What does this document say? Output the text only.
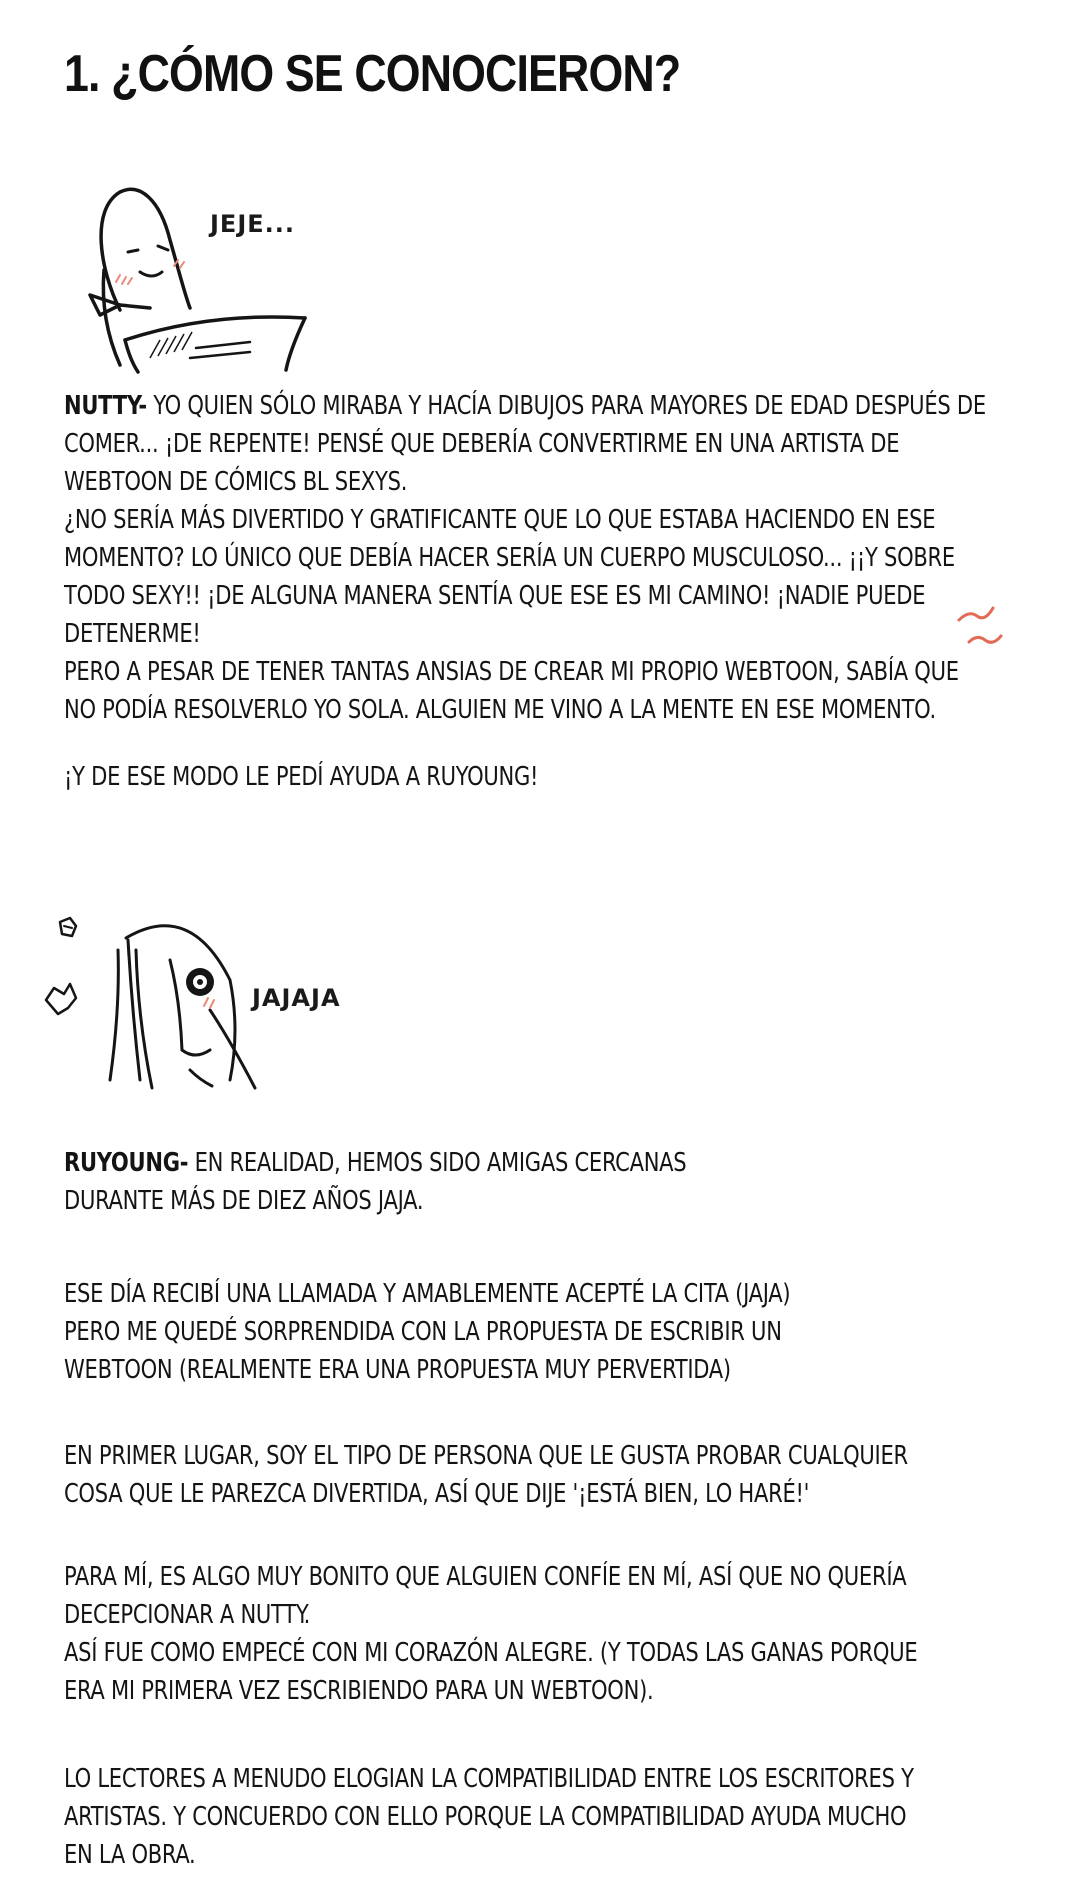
1. ¿CÓMO SE CONOCIERON?
JEJE...

NUTTY- YO QUIEN SÓLO MIRABA Y HACÍA DIBUJOS PARA MAYORES DE EDAD DESPUÉS DE

COMER... ¡DE REPENTE! PENSÉ QUE DEBERÍA CONVERTIRME EN UNA ARTISTA DE

WEBTOON DE CÓMICS BL SEXYS.

¿NO SERÍA MÁS DIVERTIDO Y GRATIFICANTE QUE LO QUE ESTABA HACIENDO EN ESE

MOMENTO? LO ÚNICO QUE DEBÍA HACER SERÍA UN CUERPO MUSCULOSO... ¡¡Y SOBRE

TODO SEXY!! ¡DE ALGUNA MANERA SENTÍA QUE ESE ES MI CAMINO! ¡NADIE PUEDE

DETENERME!

PERO A PESAR DE TENER TANTAS ANSIAS DE CREAR MI PROPIO WEBTOON, SABÍA QUE

NO PODÍA RESOLVERLO YO SOLA. ALGUIEN ME VINO A LA MENTE EN ESE MOMENTO.

¡Y DE ESE MODO LE PEDÍ AYUDA A RUYOUNG!

JAJAJA

RUYOUNG- EN REALIDAD, HEMOS SIDO AMIGAS CERCANAS

DURANTE MÁS DE DIEZ AÑOS JAJA.

ESE DÍA RECIBÍ UNA LLAMADA Y AMABLEMENTE ACEPTÉ LA CITA (JAJA)

PERO ME QUEDÉ SORPRENDIDA CON LA PROPUESTA DE ESCRIBIR UN

WEBTOON (REALMENTE ERA UNA PROPUESTA MUY PERVERTIDA)

EN PRIMER LUGAR, SOY EL TIPO DE PERSONA QUE LE GUSTA PROBAR CUALQUIER

COSA QUE LE PAREZCA DIVERTIDA, ASÍ QUE DIJE '¡ESTÁ BIEN, LO HARÉ!'

PARA MÍ, ES ALGO MUY BONITO QUE ALGUIEN CONFÍE EN MÍ, ASÍ QUE NO QUERÍA

DECEPCIONAR A NUTTY.

ASÍ FUE COMO EMPECÉ CON MI CORAZÓN ALEGRE. (Y TODAS LAS GANAS PORQUE

ERA MI PRIMERA VEZ ESCRIBIENDO PARA UN WEBTOON).

LO LECTORES A MENUDO ELOGIAN LA COMPATIBILIDAD ENTRE LOS ESCRITORES Y

ARTISTAS. Y CONCUERDO CON ELLO PORQUE LA COMPATIBILIDAD AYUDA MUCHO

EN LA OBRA.
